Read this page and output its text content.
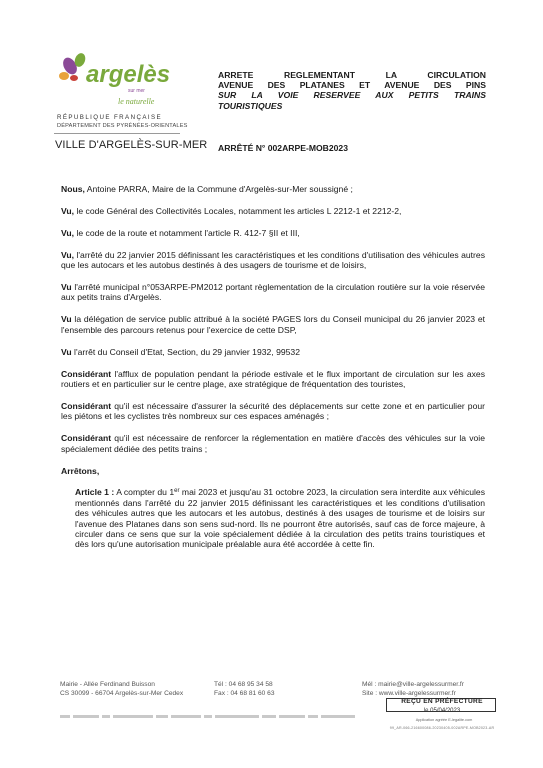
argelès
sur mer
le naturelle
RÉPUBLIQUE FRANÇAISE
DÉPARTEMENT DES PYRÉNÉES-ORIENTALES
VILLE D'ARGELÈS-SUR-MER
ARRETE REGLEMENTANT LA CIRCULATION
AVENUE DES PLATANES ET AVENUE DES PINS
SUR LA VOIE RESERVEE AUX PETITS TRAINS
TOURISTIQUES
ARRÊTÉ N° 002ARPE-MOB2023

Nous, Antoine PARRA, Maire de la Commune d'Argelès-sur-Mer soussigné ;

Vu, le code Général des Collectivités Locales, notamment les articles L 2212-1 et 2212-2,

Vu, le code de la route et notamment l'article R. 412-7 §II et III,

Vu, l'arrêté du 22 janvier 2015 définissant les caractéristiques et les conditions d'utilisation des véhicules autres que les autocars et les autobus destinés à des usagers de tourisme et de loisirs,

Vu l'arrêté municipal n°053ARPE-PM2012 portant règlementation de la circulation routière sur la voie réservée aux petits trains d'Argelès.

Vu la délégation de service public attribué à la société PAGES lors du Conseil municipal du 26 janvier 2023 et l'ensemble des parcours retenus pour l'exercice de cette DSP,

Vu l'arrêt du Conseil d'Etat, Section, du 29 janvier 1932, 99532

Considérant l'afflux de population pendant la période estivale et le flux important de circulation sur les axes routiers et en particulier sur le centre plage, axe stratégique de fréquentation des touristes,

Considérant qu'il est nécessaire d'assurer la sécurité des déplacements sur cette zone et en particulier pour les piétons et les cyclistes très nombreux sur ces espaces aménagés ;

Considérant qu'il est nécessaire de renforcer la réglementation en matière d'accès des véhicules sur la voie spécialement dédiée des petits trains ;

Arrêtons,

Article 1 : A compter du 1er mai 2023 et jusqu'au 31 octobre 2023, la circulation sera interdite aux véhicules mentionnés dans l'arrêté du 22 janvier 2015 définissant les caractéristiques et les conditions d'utilisation des véhicules autres que les autocars et les autobus, destinés à des usages de tourisme et de loisirs sur l'avenue des Platanes dans son sens sud-nord. Ils ne pourront être autorisés, sauf cas de force majeure, à circuler dans ce sens que sur la voie spécialement dédiée à la circulation des petits trains touristiques et dès lors qu'une autorisation municipale préalable aura été accordée à cette fin.

Mairie - Allée Ferdinand Buisson
CS 30099 - 66704 Argelès-sur-Mer Cedex
Tél : 04 68 95 34 58
Fax : 04 68 81 60 63
Mél : mairie@ville-argelessurmer.fr
Site : www.ville-argelessurmer.fr
REÇU EN PRÉFECTURE
le 05/04/2023
Application agréée E-legalite.com
99_AR-066-216600086-20230405-002ARPE-MOB2023-AR
